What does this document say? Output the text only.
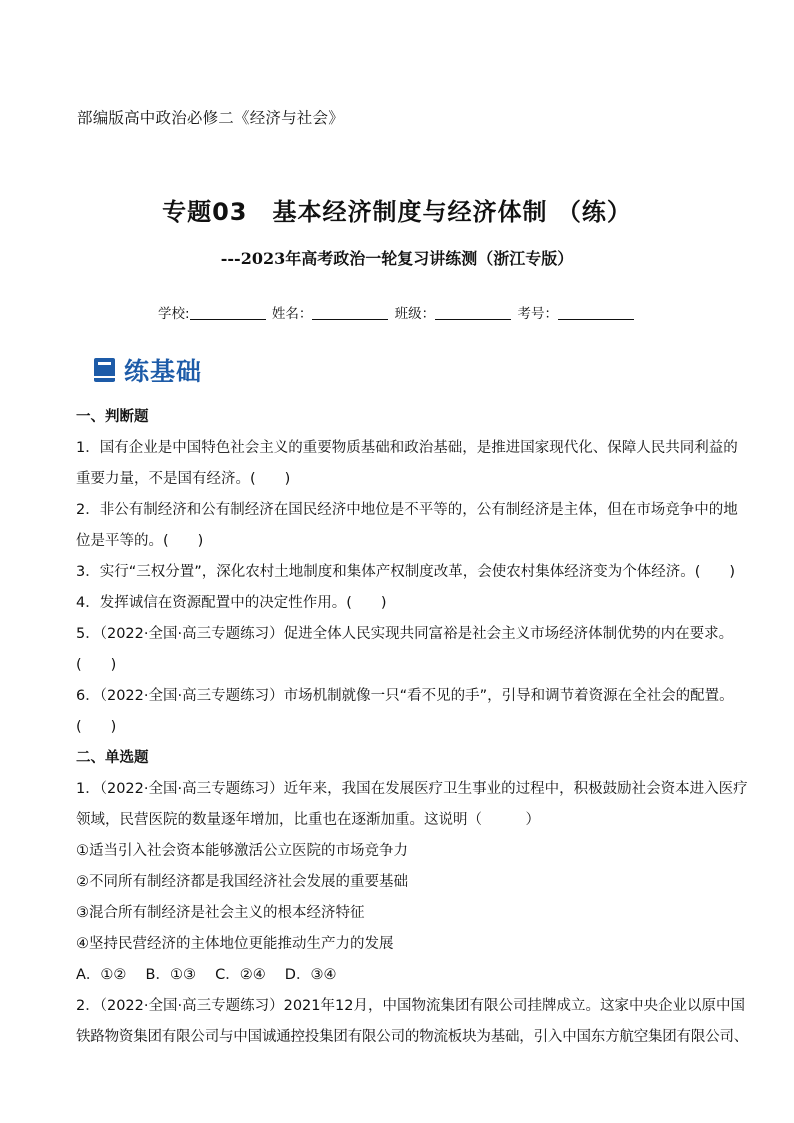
部编版高中政治必修二《经济与社会》
专题03　基本经济制度与经济体制 （练）
---2023年高考政治一轮复习讲练测（浙江专版）
学校:	姓名：	班级：	考号：
练基础
一、判断题
1．国有企业是中国特色社会主义的重要物质基础和政治基础，是推进国家现代化、保障人民共同利益的
重要力量，不是国有经济。(　　)
2．非公有制经济和公有制经济在国民经济中地位是不平等的，公有制经济是主体，但在市场竞争中的地
位是平等的。(　　)
3．实行“三权分置”，深化农村土地制度和集体产权制度改革，会使农村集体经济变为个体经济。(　　)
4．发挥诚信在资源配置中的决定性作用。(　　)
5．（2022·全国·高三专题练习）促进全体人民实现共同富裕是社会主义市场经济体制优势的内在要求。
(　　)
6．（2022·全国·高三专题练习）市场机制就像一只“看不见的手”，引导和调节着资源在全社会的配置。
(　　)
二、单选题
1．（2022·全国·高三专题练习）近年来，我国在发展医疗卫生事业的过程中，积极鼓励社会资本进入医疗
领域，民营医院的数量逐年增加，比重也在逐渐加重。这说明（　　　）
①适当引入社会资本能够激活公立医院的市场竞争力
②不同所有制经济都是我国经济社会发展的重要基础
③混合所有制经济是社会主义的根本经济特征
④坚持民营经济的主体地位更能推动生产力的发展
A．①②　 B．①③　 C．②④　 D．③④
2．（2022·全国·高三专题练习）2021年12月，中国物流集团有限公司挂牌成立。这家中央企业以原中国
铁路物资集团有限公司与中国诚通控投集团有限公司的物流板块为基础，引入中国东方航空集团有限公司、
